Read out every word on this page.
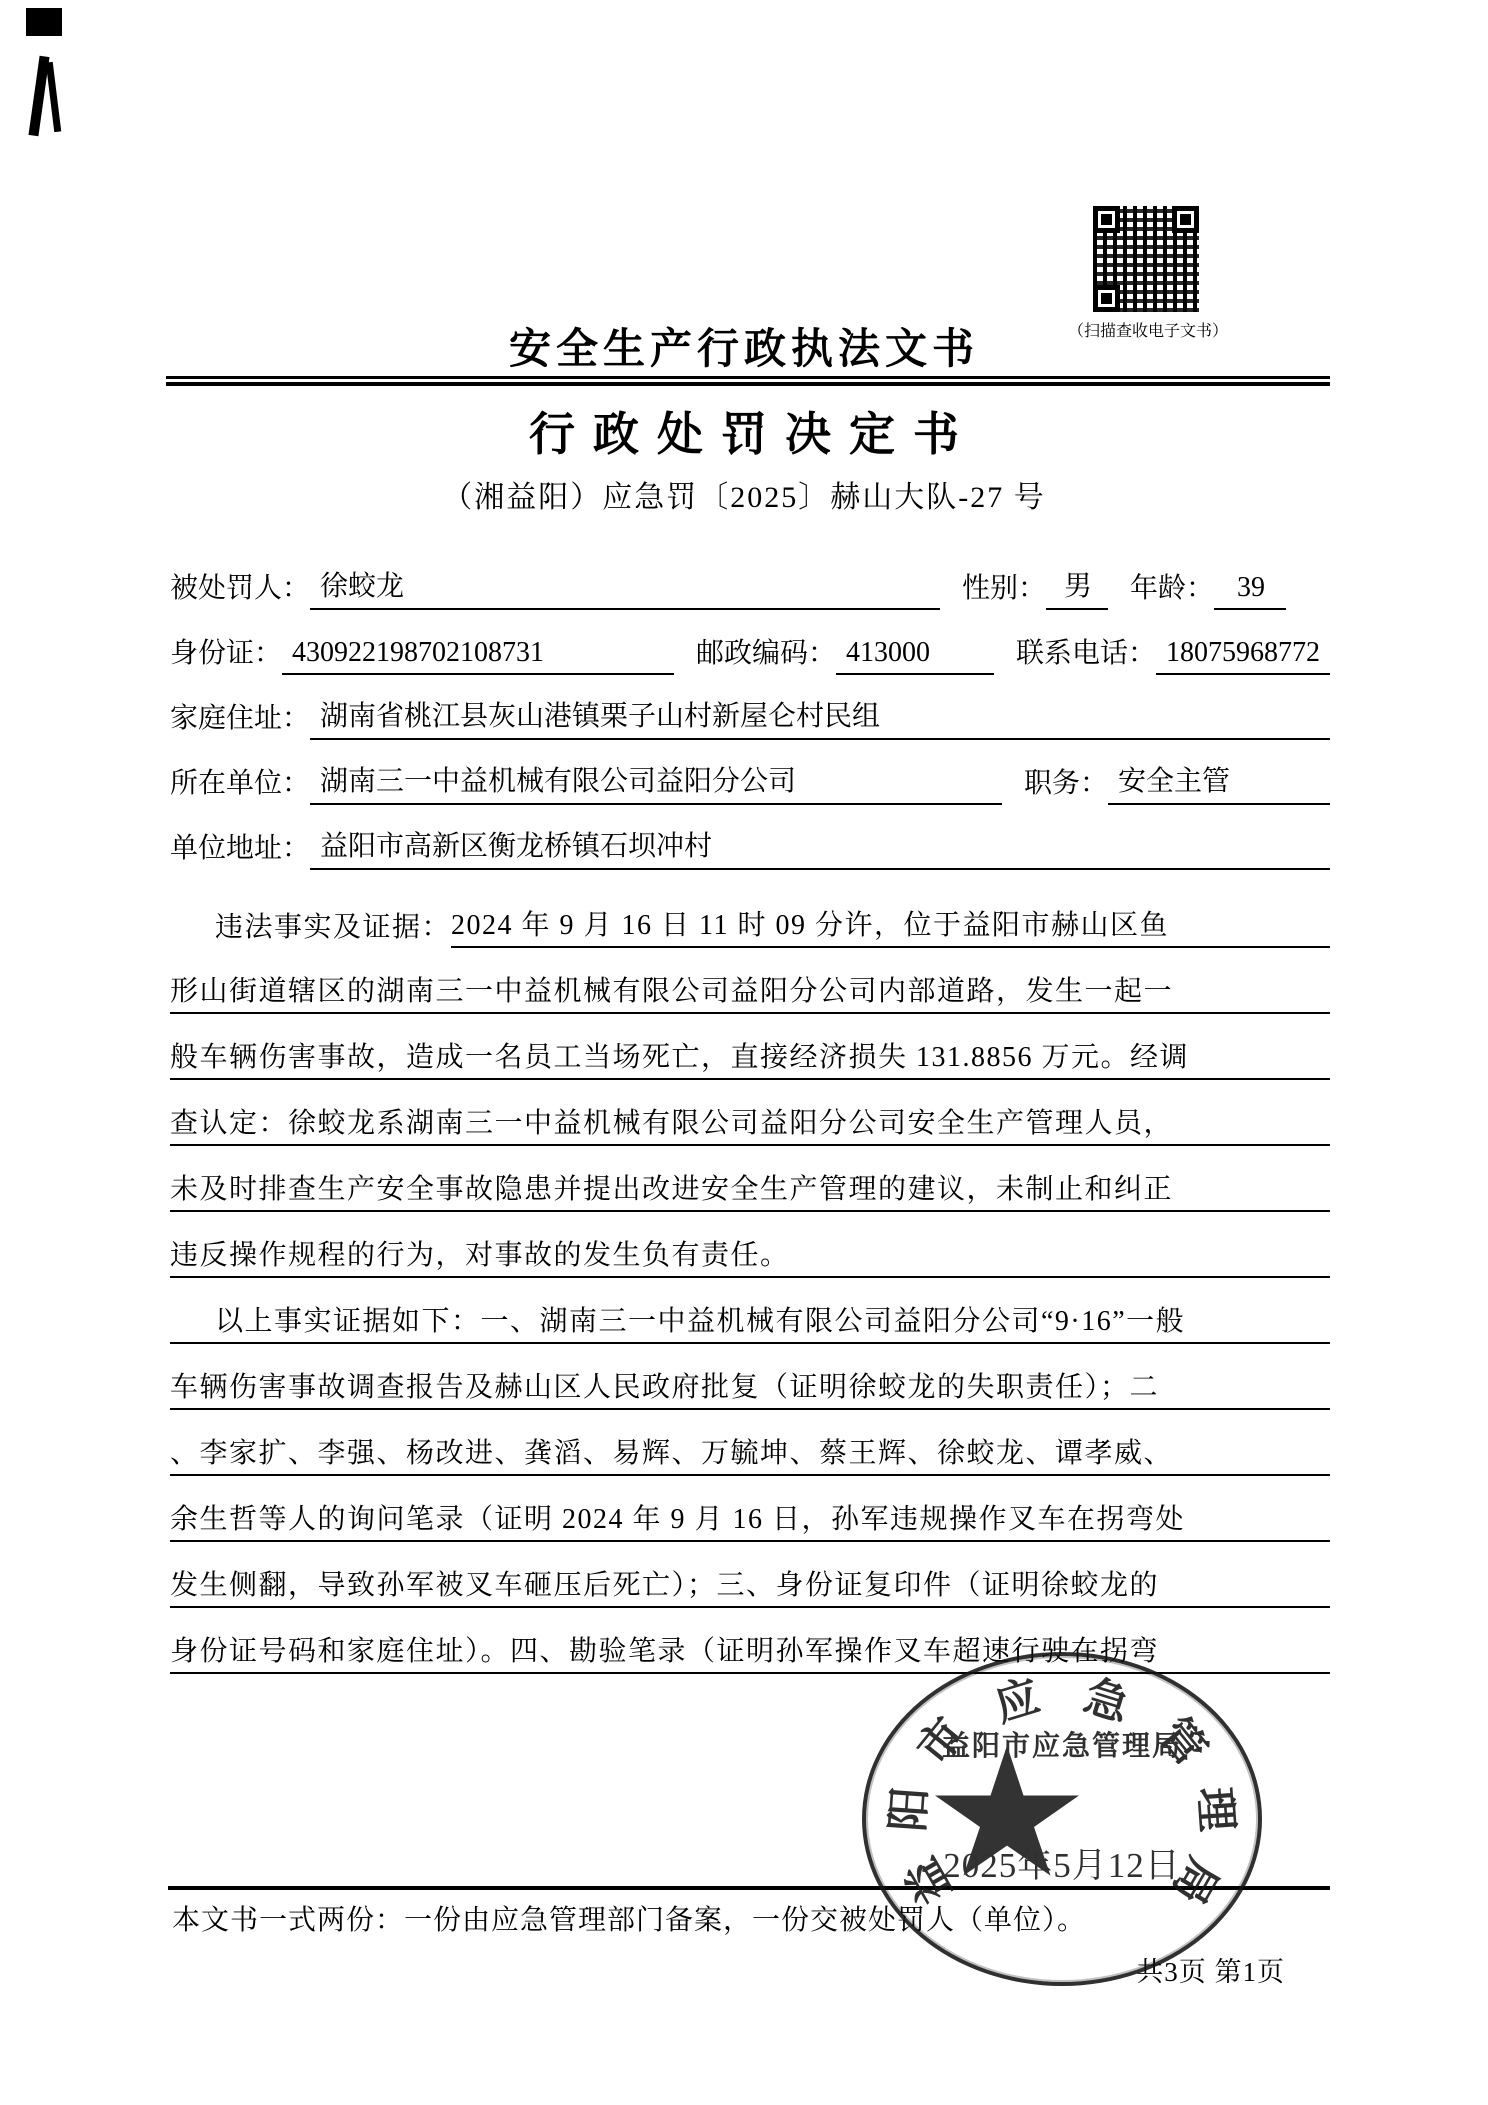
（扫描查收电子文书）
安全生产行政执法文书
行政处罚决定书
（湘益阳）应急罚〔2025〕赫山大队-27 号
被处罚人： 徐蛟龙	性别： 男	年龄： 39
身份证： 430922198702108731	邮政编码： 413000	联系电话： 18075968772
家庭住址： 湖南省桃江县灰山港镇栗子山村新屋仑村民组
所在单位： 湖南三一中益机械有限公司益阳分公司	职务： 安全主管
单位地址： 益阳市高新区衡龙桥镇石坝冲村
违法事实及证据： 2024 年 9 月 16 日 11 时 09 分许，位于益阳市赫山区鱼
形山街道辖区的湖南三一中益机械有限公司益阳分公司内部道路，发生一起一
般车辆伤害事故，造成一名员工当场死亡，直接经济损失 131.8856 万元。经调
查认定：徐蛟龙系湖南三一中益机械有限公司益阳分公司安全生产管理人员，
未及时排查生产安全事故隐患并提出改进安全生产管理的建议，未制止和纠正
违反操作规程的行为，对事故的发生负有责任。
以上事实证据如下：一、湖南三一中益机械有限公司益阳分公司“9·16”一般
车辆伤害事故调查报告及赫山区人民政府批复（证明徐蛟龙的失职责任）；二
、李家扩、李强、杨改进、龚滔、易辉、万毓坤、蔡王辉、徐蛟龙、谭孝威、
余生哲等人的询问笔录（证明 2024 年 9 月 16 日，孙军违规操作叉车在拐弯处
发生侧翻，导致孙军被叉车砸压后死亡）；三、身份证复印件（证明徐蛟龙的
身份证号码和家庭住址）。四、勘验笔录（证明孙军操作叉车超速行驶在拐弯
益
阳
市
应 急
管
理
局
益阳市应急管理局
2025年5月12日
本文书一式两份：一份由应急管理部门备案，一份交被处罚人（单位）。
共3页 第1页
